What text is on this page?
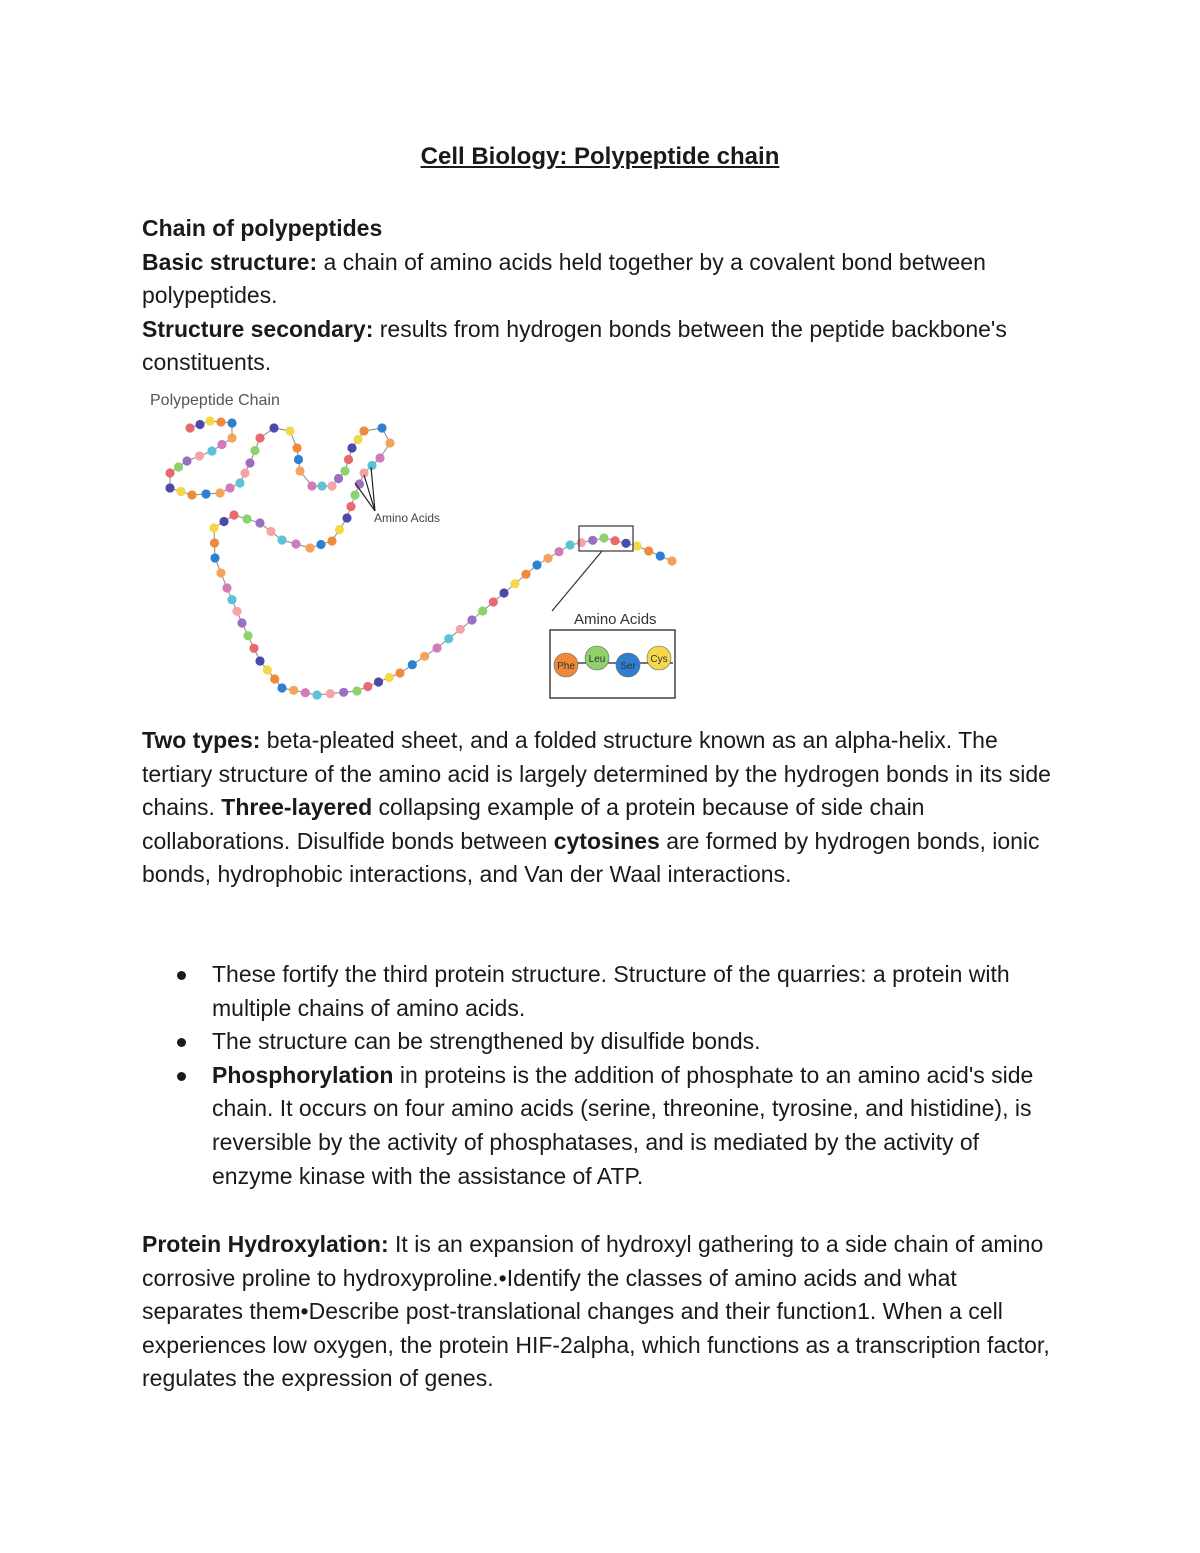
Cell Biology: Polypeptide chain
Chain of polypeptides
Basic structure: a chain of amino acids held together by a covalent bond between polypeptides.
Structure secondary: results from hydrogen bonds between the peptide backbone's constituents.
Polypeptide Chain
Amino Acids
Amino Acids
Phe
Leu
Ser
Cys
Two types: beta-pleated sheet, and a folded structure known as an alpha-helix. The tertiary structure of the amino acid is largely determined by the hydrogen bonds in its side chains. Three-layered collapsing example of a protein because of side chain collaborations. Disulfide bonds between cytosines are formed by hydrogen bonds, ionic bonds, hydrophobic interactions, and Van der Waal interactions.
These fortify the third protein structure. Structure of the quarries: a protein with multiple chains of amino acids.
The structure can be strengthened by disulfide bonds.
Phosphorylation in proteins is the addition of phosphate to an amino acid's side chain. It occurs on four amino acids (serine, threonine, tyrosine, and histidine), is reversible by the activity of phosphatases, and is mediated by the activity of enzyme kinase with the assistance of ATP.
Protein Hydroxylation: It is an expansion of hydroxyl gathering to a side chain of amino corrosive proline to hydroxyproline.•Identify the classes of amino acids and what separates them•Describe post-translational changes and their function1. When a cell experiences low oxygen, the protein HIF-2alpha, which functions as a transcription factor, regulates the expression of genes.
